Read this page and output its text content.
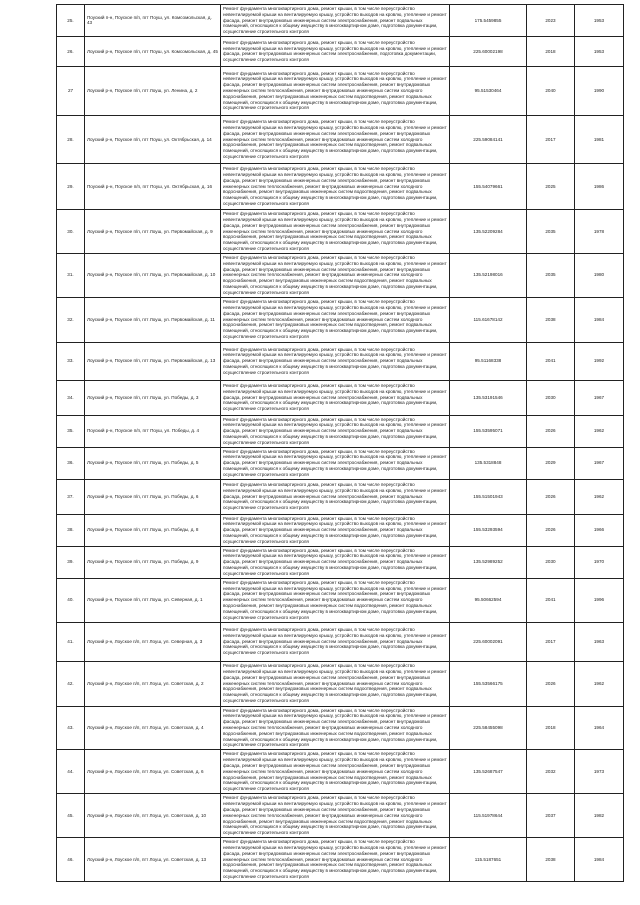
25.	Поуский п-н, Поуское п/п, пгт Поуш, ул. Комсомольская, д. 43	Ремонт фундамента многоквартирного дома, ремонт крыши, в том числе переустройство невентилируемой крыши на вентилируемую крышу, устройство выходов на кровлю, утепление и ремонт фасада, ремонт внутридомовых инженерных систем электроснабжения, ремонт подвальных помещений, относящихся к общему имуществу в многоквартирном доме, подготовка документации, осуществление строительного контроля	175.5459855	2023	1953
26.	Лоуский р-н, Поуское п/п, пгт Поуш, ул. Комсомольская, д. 45	Ремонт фундамента многоквартирного дома, ремонт крыши, в том числе переустройство невентилируемой крыши на вентилируемую крышу, устройство выходов на кровлю, утепление и ремонт фасада, ремонт внутридомовых инженерных систем электроснабжения, подготовка документации, осуществление строительного контроля	225.60002198	2018	1953
27	Лоуский р-н, Поуское п/п, пгт Лоуш, ул. Ленина, д. 2	Ремонт фундамента многоквартирного дома, ремонт крыши, в том числе переустройство невентилируемой крыши на вентилируемую крышу, устройство выходов на кровлю, утепление и ремонт фасада, ремонт внутридомовых инженерных систем электроснабжения, ремонт внутридомовых инженерных систем теплоснабжения, ремонт внутридомовых инженерных систем холодного водоснабжения, ремонт внутридомовых инженерных систем водоотведения, ремонт подвальных помещений, относящихся к общему имуществу в многоквартирном доме, подготовка документации, осуществление строительного контроля	95.51530464	2040	1990
28.	Лоуский р-н, Поуское п/п, пгт Поуш, ул. Октябрьская, д. 14	Ремонт фундамента многоквартирного дома, ремонт крыши, в том числе переустройство невентилируемой крыши на вентилируемую крышу, устройство выходов на кровлю, утепление и ремонт фасада, ремонт внутридомовых инженерных систем электроснабжения, ремонт внутридомовых инженерных систем теплоснабжения, ремонт внутридомовых инженерных систем холодного водоснабжения, ремонт внутридомовых инженерных систем водоотведения, ремонт подвальных помещений, относящихся к общему имуществу в многоквартирном доме, подготовка документации, осуществление строительного контроля	225.59084141	2017	1981
29.	Поуский р-н, Поуское п/п, пгт Поуш, ул. Октябрьская, д. 16	Ремонт фундамента многоквартирного дома, ремонт крыши, в том числе переустройство невентилируемой крыши на вентилируемую крышу, устройство выходов на кровлю, утепление и ремонт фасада, ремонт внутридомовых инженерных систем электроснабжения, ремонт внутридомовых инженерных систем теплоснабжения, ремонт внутридомовых инженерных систем холодного водоснабжения, ремонт внутридомовых инженерных систем водоотведения, ремонт подвальных помещений, относящихся к общему имуществу в многоквартирном доме, подготовка документации, осуществление строительного контроля	155.54079661	2025	1986
30.	Лоуский р-н, Поуское п/п, пгт Лоуш, ул. Первомайская, д. 9	Ремонт фундамента многоквартирного дома, ремонт крыши, в том числе переустройство невентилируемой крыши на вентилируемую крышу, устройство выходов на кровлю, утепление и ремонт фасада, ремонт внутридомовых инженерных систем электроснабжения, ремонт внутридомовых инженерных систем теплоснабжения, ремонт внутридомовых инженерных систем холодного водоснабжения, ремонт внутридомовых инженерных систем водоотведения, ремонт подвальных помещений, относящихся к общему имуществу в многоквартирном доме, подготовка документации, осуществление строительного контроля	135.52209284	2035	1978
31.	Лоуский р-н, Поуское п/п, пгт Лоуш, ул. Первомайская, д. 10	Ремонт фундамента многоквартирного дома, ремонт крыши, в том числе переустройство невентилируемой крыши на вентилируемую крышу, устройство выходов на кровлю, утепление и ремонт фасада, ремонт внутридомовых инженерных систем электроснабжения, ремонт внутридомовых инженерных систем теплоснабжения, ремонт внутридомовых инженерных систем холодного водоснабжения, ремонт внутридомовых инженерных систем водоотведения, ремонт подвальных помещений, относящихся к общему имуществу в многоквартирном доме, подготовка документации, осуществление строительного контроля	135.52198016	2035	1980
32.	Лоуский р-н, Поуское п/п, пгт Лоуш, ул. Первомайская, д. 11	Ремонт фундамента многоквартирного дома, ремонт крыши, в том числе переустройство невентилируемой крыши на вентилируемую крышу, устройство выходов на кровлю, утепление и ремонт фасада, ремонт внутридомовых инженерных систем электроснабжения, ремонт внутридомовых инженерных систем теплоснабжения, ремонт внутридомовых инженерных систем холодного водоснабжения, ремонт внутридомовых инженерных систем водоотведения, ремонт подвальных помещений, относящихся к общему имуществу в многоквартирном доме, подготовка документации, осуществление строительного контроля	115.61678142	2038	1984
33.	Лоуский р-н, Поуское п/п, пгт Лоуш, ул. Первомайская, д. 13	Ремонт фундамента многоквартирного дома, ремонт крыши, в том числе переустройство невентилируемой крыши на вентилируемую крышу, устройство выходов на кровлю, утепление и ремонт фасада, ремонт внутридомовых инженерных систем электроснабжения, ремонт подвальных помещений, относящихся к общему имуществу в многоквартирном доме, подготовка документации, осуществление строительного контроля	95.51168338	2041	1992
34.	Лоуский р-н, Поуское п/п, пгт Лоуш, ул. Победы, д. 3	Ремонт фундамента многоквартирного дома, ремонт крыши, в том числе переустройство невентилируемой крыши на вентилируемую крышу, устройство выходов на кровлю, утепление и ремонт фасада, ремонт внутридомовых инженерных систем электроснабжения, ремонт подвальных помещений, относящихся к общему имуществу в многоквартирном доме, подготовка документации, осуществление строительного контроля	135.53191546	2030	1967
35.	Поуский р-н, Поуское п/п, пгт Поуш, ул. Победы, д. 4	Ремонт фундамента многоквартирного дома, ремонт крыши, в том числе переустройство невентилируемой крыши на вентилируемую крышу, устройство выходов на кровлю, утепление и ремонт фасада, ремонт внутридомовых инженерных систем электроснабжения, ремонт подвальных помещений, относящихся к общему имуществу в многоквартирном доме, подготовка документации, осуществление строительного контроля	155.53595071	2026	1962
36.	Лоуский р-н, Поуское п/п, пгт Лоуш, ул. Победы, д. 5	Ремонт фундамента многоквартирного дома, ремонт крыши, в том числе переустройство невентилируемой крыши на вентилируемую крышу, устройство выходов на кровлю, утепление и ремонт фасада, ремонт внутридомовых инженерных систем электроснабжения, ремонт подвальных помещений, относящихся к общему имуществу в многоквартирном доме, подготовка документации, осуществление строительного контроля	135.5318848	2029	1967
37.	Лоуский р-н, Поуское п/п, пгт Лоуш, ул. Победы, д. 6	Ремонт фундамента многоквартирного дома, ремонт крыши, в том числе переустройство невентилируемой крыши на вентилируемую крышу, устройство выходов на кровлю, утепление и ремонт фасада, ремонт внутридомовых инженерных систем электроснабжения, ремонт подвальных помещений, относящихся к общему имуществу в многоквартирном доме, подготовка документации, осуществление строительного контроля	155.51501943	2026	1962
38.	Лоуский р-н, Поуское п/п, пгт Лоуш, ул. Победы, д. 8	Ремонт фундамента многоквартирного дома, ремонт крыши, в том числе переустройство невентилируемой крыши на вентилируемую крышу, устройство выходов на кровлю, утепление и ремонт фасада, ремонт внутридомовых инженерных систем электроснабжения, ремонт подвальных помещений, относящихся к общему имуществу в многоквартирном доме, подготовка документации, осуществление строительного контроля	155.53293594	2026	1966
39.	Лоуский р-н, Поуское п/п, пгт Лоуш, ул. Победы, д. 9	Ремонт фундамента многоквартирного дома, ремонт крыши, в том числе переустройство невентилируемой крыши на вентилируемую крышу, устройство выходов на кровлю, утепление и ремонт фасада, ремонт внутридомовых инженерных систем электроснабжения, ремонт подвальных помещений, относящихся к общему имуществу в многоквартирном доме, подготовка документации, осуществление строительного контроля	135.52989252	2030	1970
40.	Лоуский р-н, Поуское п/п, пгт Лоуш, ул. Северная, д. 1	Ремонт фундамента многоквартирного дома, ремонт крыши, в том числе переустройство невентилируемой крыши на вентилируемую крышу, устройство выходов на кровлю, утепление и ремонт фасада, ремонт внутридомовых инженерных систем электроснабжения, ремонт внутридомовых инженерных систем теплоснабжения, ремонт внутридомовых инженерных систем холодного водоснабжения, ремонт внутридомовых инженерных систем водоотведения, ремонт подвальных помещений, относящихся к общему имуществу в многоквартирном доме, подготовка документации, осуществление строительного контроля	95.50662594	2041	1996
41.	Лоуский р-н, Лоуское п/п, пгт Лоуш, ул. Северная, д. 3	Ремонт фундамента многоквартирного дома, ремонт крыши, в том числе переустройство невентилируемой крыши на вентилируемую крышу, устройство выходов на кровлю, утепление и ремонт фасада, ремонт внутридомовых инженерных систем электроснабжения, ремонт подвальных помещений, относящихся к общему имуществу в многоквартирном доме, подготовка документации, осуществление строительного контроля	225.60002091	2017	1963
42.	Лоуский р-н, Лоуское п/п, пгт Лоуш, ул. Советская, д. 2	Ремонт фундамента многоквартирного дома, ремонт крыши, в том числе переустройство невентилируемой крыши на вентилируемую крышу, устройство выходов на кровлю, утепление и ремонт фасада, ремонт внутридомовых инженерных систем электроснабжения, ремонт внутридомовых инженерных систем теплоснабжения, ремонт внутридомовых инженерных систем холодного водоснабжения, ремонт внутридомовых инженерных систем водоотведения, ремонт подвальных помещений, относящихся к общему имуществу в многоквартирном доме, подготовка документации, осуществление строительного контроля	155.53566175	2026	1962
43.	Лоуский р-н, Лоуское п/п, пгт Лоуш, ул. Советская, д. 4	Ремонт фундамента многоквартирного дома, ремонт крыши, в том числе переустройство невентилируемой крыши на вентилируемую крышу, устройство выходов на кровлю, утепление и ремонт фасада, ремонт внутридомовых инженерных систем электроснабжения, ремонт внутридомовых инженерных систем теплоснабжения, ремонт внутридомовых инженерных систем холодного водоснабжения, ремонт внутридомовых инженерных систем водоотведения, ремонт подвальных помещений, относящихся к общему имуществу в многоквартирном доме, подготовка документации, осуществление строительного контроля	225.58455098	2018	1964
44.	Лоуский р-н, Лоуское п/п, пгт Лоуш, ул. Советская, д. 6	Ремонт фундамента многоквартирного дома, ремонт крыши, в том числе переустройство невентилируемой крыши на вентилируемую крышу, устройство выходов на кровлю, утепление и ремонт фасада, ремонт внутридомовых инженерных систем электроснабжения, ремонт внутридомовых инженерных систем теплоснабжения, ремонт внутридомовых инженерных систем холодного водоснабжения, ремонт внутридомовых инженерных систем водоотведения, ремонт подвальных помещений, относящихся к общему имуществу в многоквартирном доме, подготовка документации, осуществление строительного контроля	135.52687547	2032	1973
45.	Лоуский р-н, Лоуское п/п, пгт Лоуш, ул. Советская, д. 10	Ремонт фундамента многоквартирного дома, ремонт крыши, в том числе переустройство невентилируемой крыши на вентилируемую крышу, устройство выходов на кровлю, утепление и ремонт фасада, ремонт внутридомовых инженерных систем электроснабжения, ремонт внутридомовых инженерных систем теплоснабжения, ремонт внутридомовых инженерных систем холодного водоснабжения, ремонт внутридомовых инженерных систем водоотведения, ремонт подвальных помещений, относящихся к общему имуществу в многоквартирном доме, подготовка документации, осуществление строительного контроля	115.51978644	2037	1982
46.	Лоуский р-н, Лоуское п/п, пгт Лоуш, ул. Советская, д. 13	Ремонт фундамента многоквартирного дома, ремонт крыши, в том числе переустройство невентилируемой крыши на вентилируемую крышу, устройство выходов на кровлю, утепление и ремонт фасада, ремонт внутридомовых инженерных систем электроснабжения, ремонт внутридомовых инженерных систем теплоснабжения, ремонт внутридомовых инженерных систем холодного водоснабжения, ремонт внутридомовых инженерных систем водоотведения, ремонт подвальных помещений, относящихся к общему имуществу в многоквартирном доме, подготовка документации, осуществление строительного контроля	115.5187651	2038	1984
